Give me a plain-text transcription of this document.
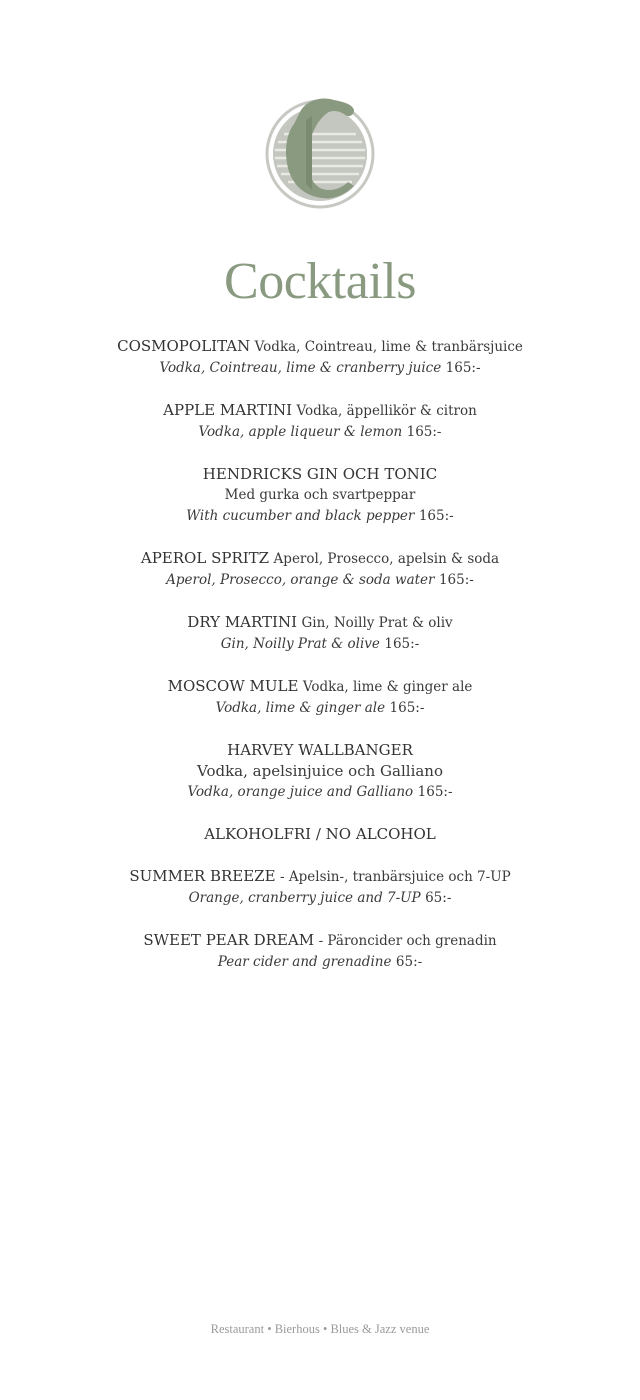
Cocktails
COSMOPOLITAN Vodka, Cointreau, lime & tranbärsjuice
Vodka, Cointreau, lime & cranberry juice 165:-
APPLE MARTINI Vodka, äppellikör & citron
Vodka, apple liqueur & lemon 165:-
HENDRICKS GIN OCH TONIC
Med gurka och svartpeppar
With cucumber and black pepper 165:-
APEROL SPRITZ Aperol, Prosecco, apelsin & soda
Aperol, Prosecco, orange & soda water 165:-
DRY MARTINI Gin, Noilly Prat & oliv
Gin, Noilly Prat & olive 165:-
MOSCOW MULE Vodka, lime & ginger ale
Vodka, lime & ginger ale 165:-
HARVEY WALLBANGER
Vodka, apelsinjuice och Galliano
Vodka, orange juice and Galliano 165:-
ALKOHOLFRI / NO ALCOHOL
SUMMER BREEZE - Apelsin-, tranbärsjuice och 7-UP
Orange, cranberry juice and 7-UP 65:-
SWEET PEAR DREAM - Päroncider och grenadin
Pear cider and grenadine 65:-
Restaurant • Bierhous • Blues & Jazz venue
